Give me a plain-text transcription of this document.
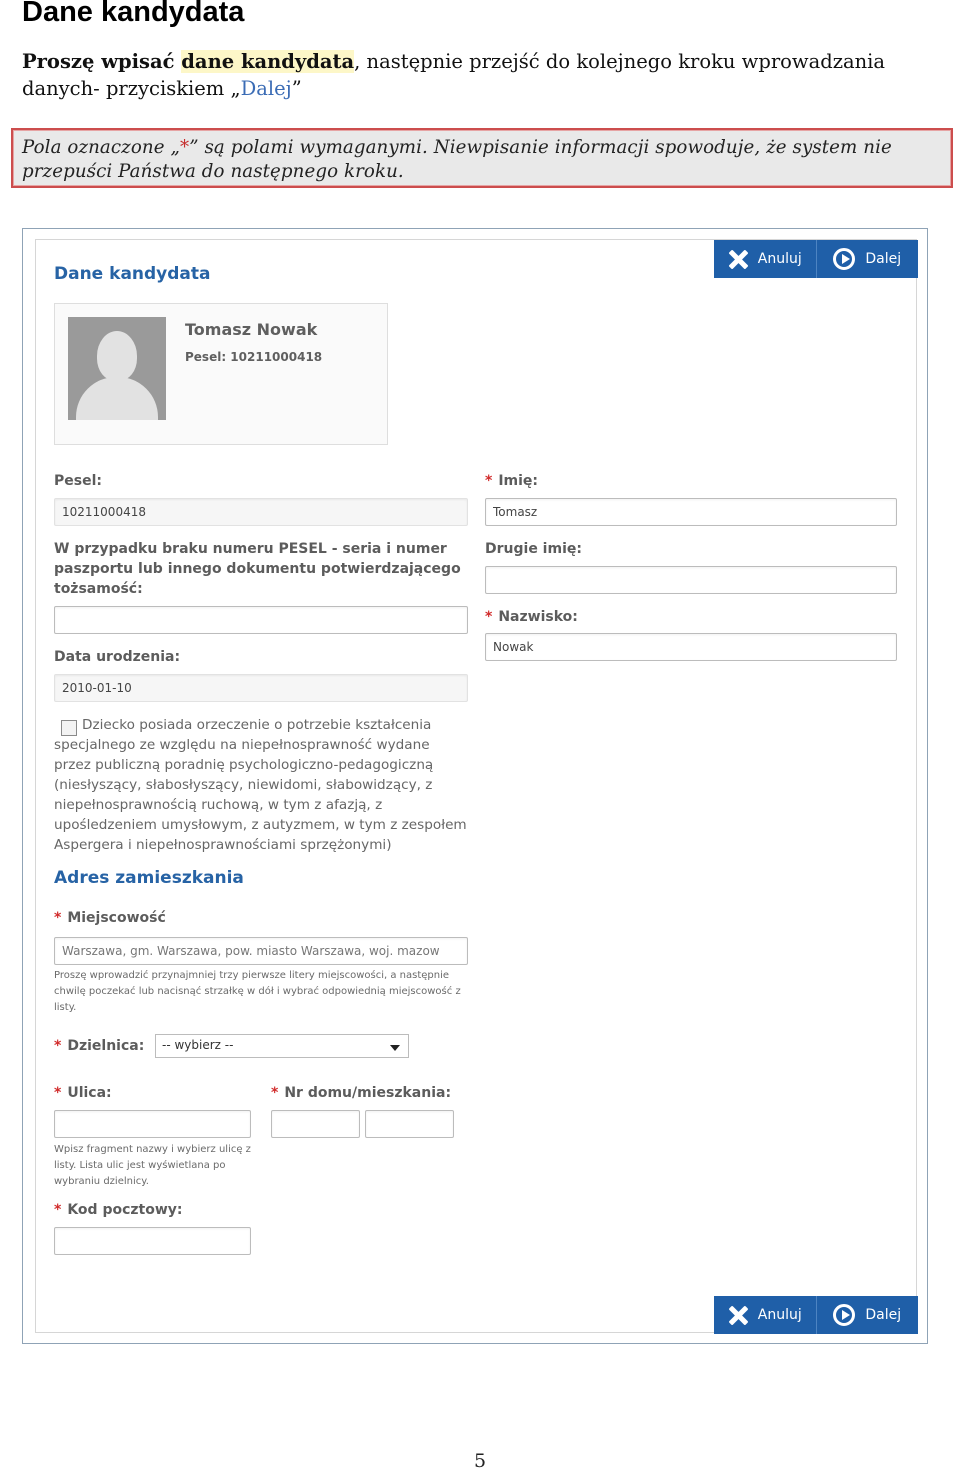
Dane kandydata
Proszę wpisać dane kandydata, następnie przejść do kolejnego kroku wprowadzania danych- przyciskiem „Dalej”
Pola oznaczone „*” są polami wymaganymi. Niewpisanie informacji spowoduje, że system nie przepuści Państwa do następnego kroku.
Dane kandydata
Anuluj	Dalej
Tomasz Nowak
Pesel: 10211000418
Pesel:
10211000418
W przypadku braku numeru PESEL - seria i numer paszportu lub innego dokumentu potwierdzającego tożsamość:
Data urodzenia:
2010-01-10
Dziecko posiada orzeczenie o potrzebie kształcenia specjalnego ze względu na niepełnosprawność wydane przez publiczną poradnię psychologiczno-pedagogiczną (niesłyszący, słabosłyszący, niewidomi, słabowidzący, z niepełnosprawnością ruchową, w tym z afazją, z upośledzeniem umysłowym, z autyzmem, w tym z zespołem Aspergera i niepełnosprawnościami sprzężonymi)
Adres zamieszkania
* Miejscowość
Warszawa, gm. Warszawa, pow. miasto Warszawa, woj. mazow
Proszę wprowadzić przynajmniej trzy pierwsze litery miejscowości, a następnie chwilę poczekać lub nacisnąć strzałkę w dół i wybrać odpowiednią miejscowość z listy.
* Dzielnica:	-- wybierz --
* Ulica:
Wpisz fragment nazwy i wybierz ulicę z listy. Lista ulic jest wyświetlana po wybraniu dzielnicy.
* Nr domu/mieszkania:
* Kod pocztowy:
* Imię:
Tomasz
Drugie imię:
* Nazwisko:
Nowak
Anuluj	Dalej
5
